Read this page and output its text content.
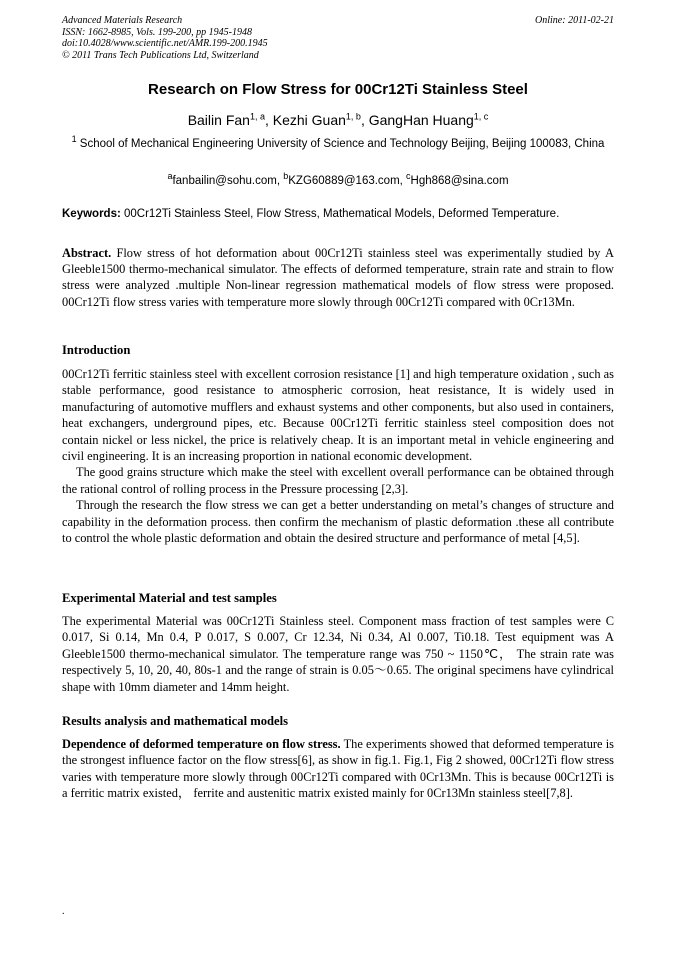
Advanced Materials Research
ISSN: 1662-8985, Vols. 199-200, pp 1945-1948
doi:10.4028/www.scientific.net/AMR.199-200.1945
© 2011 Trans Tech Publications Ltd, Switzerland
Online: 2011-02-21
Research on Flow Stress for 00Cr12Ti Stainless Steel
Bailin Fan$^{1, a}$, Kezhi Guan$^{1, b}$, GangHan Huang$^{1, c}$
$^1$ School of Mechanical Engineering University of Science and Technology Beijing, Beijing 100083, China
$^a$fanbailin@sohu.com, $^b$KZG60889@163.com, $^c$Hgh868@sina.com
Keywords: 00Cr12Ti Stainless Steel, Flow Stress, Mathematical Models, Deformed Temperature.
Abstract. Flow stress of hot deformation about 00Cr12Ti stainless steel was experimentally studied by A Gleeble1500 thermo-mechanical simulator. The effects of deformed temperature, strain rate and strain to flow stress were analyzed .multiple Non-linear regression mathematical models of flow stress were proposed. 00Cr12Ti flow stress varies with temperature more slowly through 00Cr12Ti compared with 0Cr13Mn.
Introduction

00Cr12Ti ferritic stainless steel with excellent corrosion resistance [1] and high temperature oxidation , such as stable performance, good resistance to atmospheric corrosion, heat resistance, It is widely used in manufacturing of automotive mufflers and exhaust systems and other components, but also used in containers, heat exchangers, underground pipes, etc. Because 00Cr12Ti ferritic stainless steel composition does not contain nickel or less nickel, the price is relatively cheap. It is an important metal in vehicle engineering and civil engineering. It is an increasing proportion in national economic development.

The good grains structure which make the steel with excellent overall performance can be obtained through the rational control of rolling process in the Pressure processing [2,3].

Through the research the flow stress we can get a better understanding on metal’s changes of structure and capability in the deformation process. then confirm the mechanism of plastic deformation .these all contribute to control the whole plastic deformation and obtain the desired structure and performance of metal [4,5].

Experimental Material and test samples

The experimental Material was 00Cr12Ti Stainless steel. Component mass fraction of test samples were C 0.017, Si 0.14, Mn 0.4, P 0.017, S 0.007, Cr 12.34, Ni 0.34, Al 0.007, Ti0.18. Test equipment was A Gleeble1500 thermo-mechanical simulator. The temperature range was 750 ~ 1150℃， The strain rate was respectively 5, 10, 20, 40, 80s-1 and the range of strain is 0.05～0.65. The original specimens have cylindrical shape with 10mm diameter and 14mm height.

Results analysis and mathematical models

Dependence of deformed temperature on flow stress. The experiments showed that deformed temperature is the strongest influence factor on the flow stress[6], as show in fig.1. Fig.1, Fig 2 showed, 00Cr12Ti flow stress varies with temperature more slowly through 00Cr12Ti compared with 0Cr13Mn. This is because 00Cr12Ti is a ferritic matrix existed， ferrite and austenitic matrix existed mainly for 0Cr13Mn stainless steel[7,8].

.
